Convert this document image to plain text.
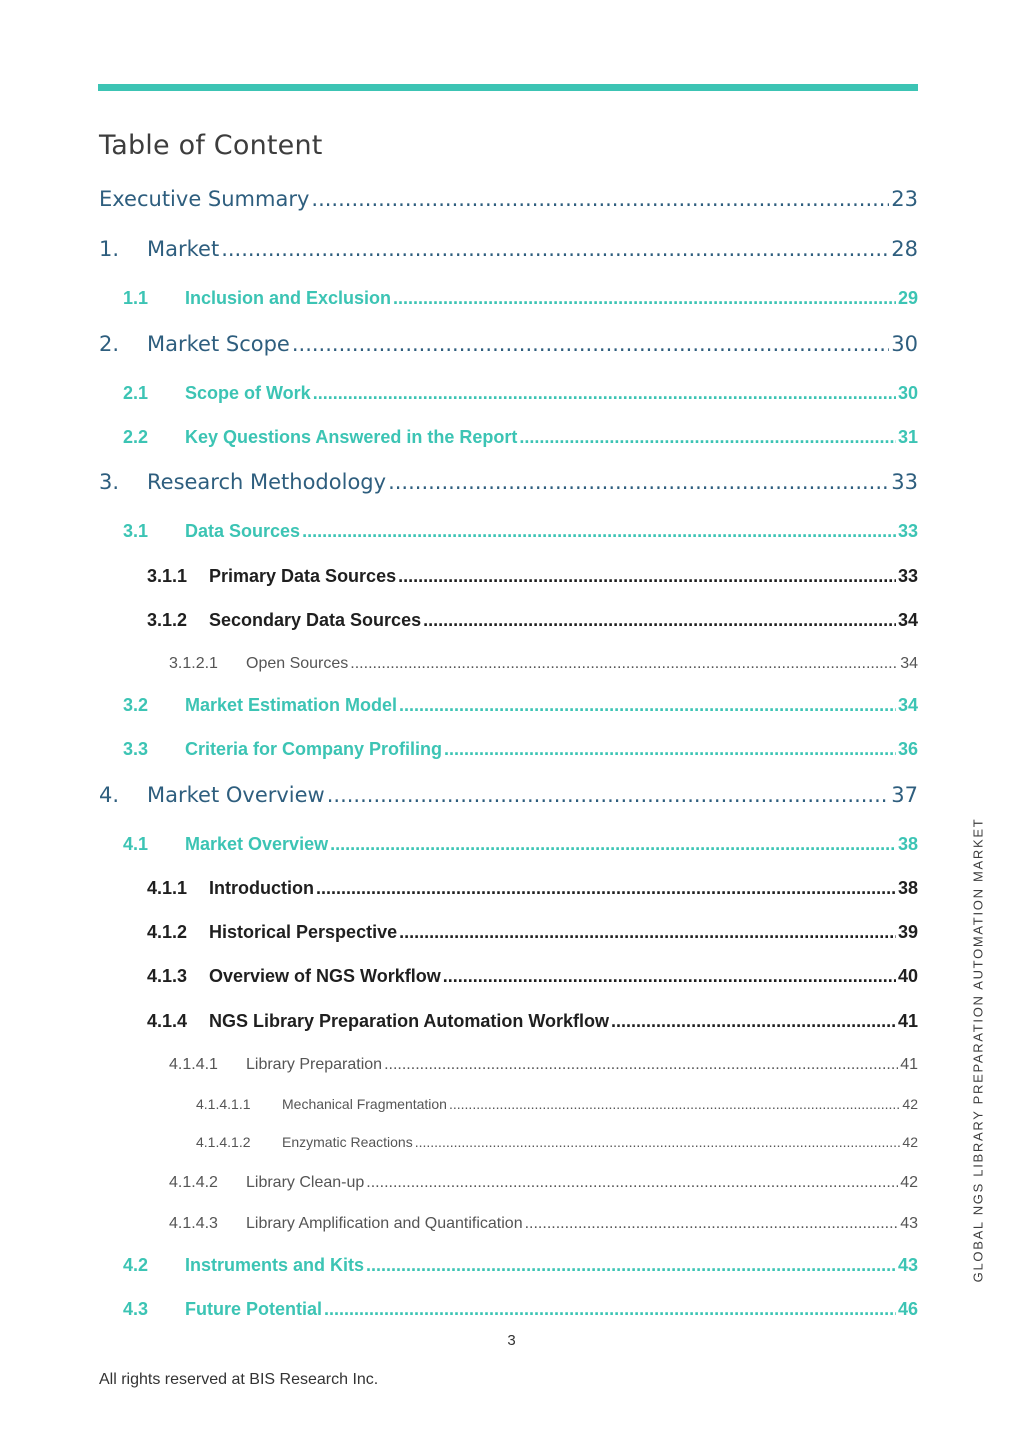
Table of Content
Executive Summary .....	23
1.	Market .....	28
1.1	Inclusion and Exclusion .....	29
2.	Market Scope .....	30
2.1	Scope of Work .....	30
2.2	Key Questions Answered in the Report .....	31
3.	Research Methodology .....	33
3.1	Data Sources .....	33
3.1.1	Primary Data Sources .....	33
3.1.2	Secondary Data Sources .....	34
3.1.2.1	Open Sources .....	34
3.2	Market Estimation Model .....	34
3.3	Criteria for Company Profiling .....	36
4.	Market Overview .....	37
4.1	Market Overview .....	38
4.1.1	Introduction .....	38
4.1.2	Historical Perspective .....	39
4.1.3	Overview of NGS Workflow .....	40
4.1.4	NGS Library Preparation Automation Workflow .....	41
4.1.4.1	Library Preparation .....	41
4.1.4.1.1	Mechanical Fragmentation .....	42
4.1.4.1.2	Enzymatic Reactions .....	42
4.1.4.2	Library Clean-up .....	42
4.1.4.3	Library Amplification and Quantification .....	43
4.2	Instruments and Kits .....	43
4.3	Future Potential .....	46
3
All rights reserved at BIS Research Inc.
GLOBAL NGS LIBRARY PREPARATION AUTOMATION MARKET
